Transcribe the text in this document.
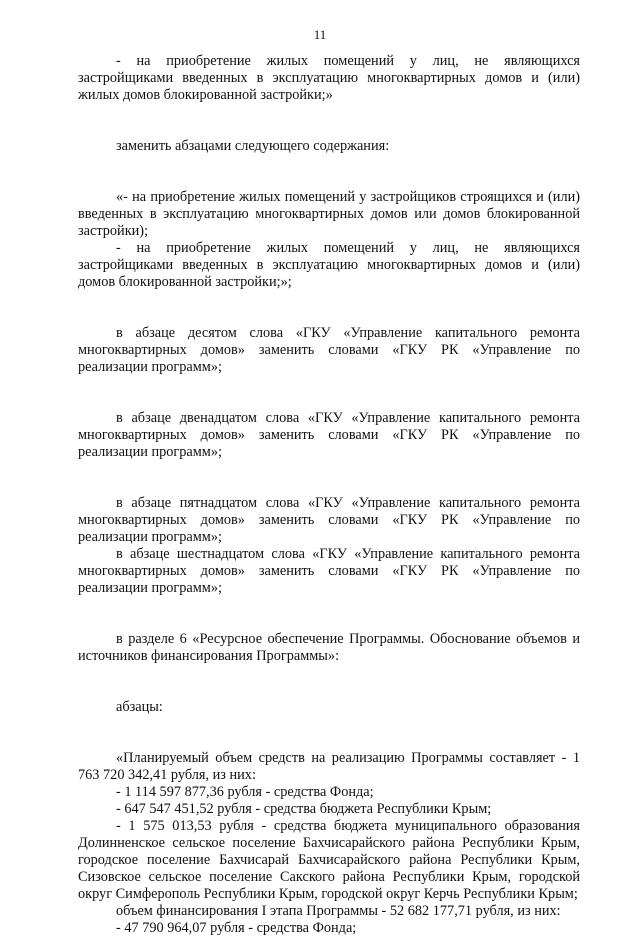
11

- на приобретение жилых помещений у лиц, не являющихся застройщиками введенных в эксплуатацию многоквартирных домов и (или) жилых домов блокированной застройки;»

заменить абзацами следующего содержания:

«- на приобретение жилых помещений у застройщиков строящихся и (или) введенных в эксплуатацию многоквартирных домов или домов блокированной застройки);

- на приобретение жилых помещений у лиц, не являющихся застройщиками введенных в эксплуатацию многоквартирных домов и (или) домов блокированной застройки;»;

в абзаце десятом слова «ГКУ «Управление капитального ремонта многоквартирных домов» заменить словами «ГКУ РК «Управление по реализации программ»;

в абзаце двенадцатом слова «ГКУ «Управление капитального ремонта многоквартирных домов» заменить словами «ГКУ РК «Управление по реализации программ»;

в абзаце пятнадцатом слова «ГКУ «Управление капитального ремонта многоквартирных домов» заменить словами «ГКУ РК «Управление по реализации программ»;

в абзаце шестнадцатом слова «ГКУ «Управление капитального ремонта многоквартирных домов» заменить словами «ГКУ РК «Управление по реализации программ»;

в разделе 6 «Ресурсное обеспечение Программы. Обоснование объемов и источников финансирования Программы»:

абзацы:

«Планируемый объем средств на реализацию Программы составляет - 1 763 720 342,41 рубля, из них:

- 1 114 597 877,36 рубля - средства Фонда;

- 647 547 451,52 рубля - средства бюджета Республики Крым;

- 1 575 013,53 рубля - средства бюджета муниципального образования Долинненское сельское поселение Бахчисарайского района Республики Крым, городское поселение Бахчисарай Бахчисарайского района Республики Крым, Сизовское сельское поселение Сакского района Республики Крым, городской округ Симферополь Республики Крым, городской округ Керчь Республики Крым;

объем финансирования I этапа Программы - 52 682 177,71 рубля, из них:

- 47 790 964,07 рубля - средства Фонда;
